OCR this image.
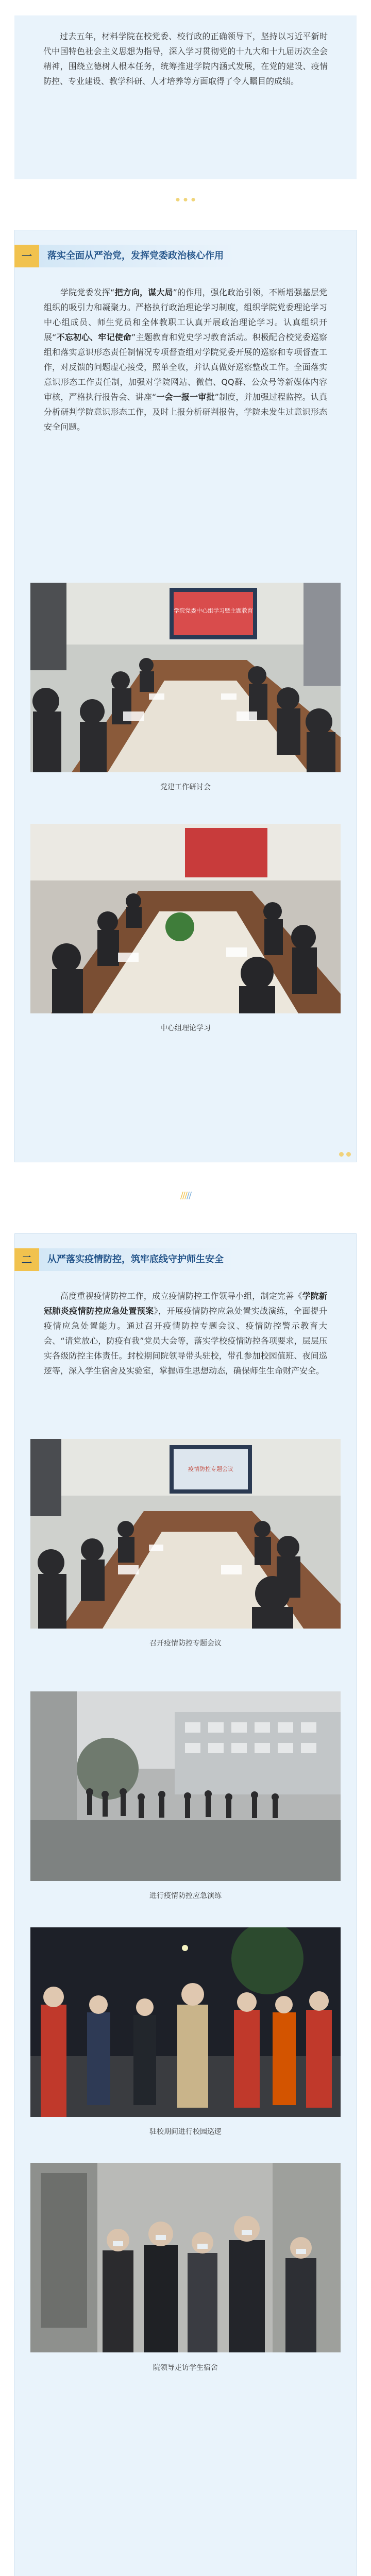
过去五年，材料学院在校党委、校行政的正确领导下，坚持以习近平新时代中国特色社会主义思想为指导，深入学习贯彻党的十九大和十九届历次全会精神，围绕立德树人根本任务，统筹推进学院内涵式发展，在党的建设、疫情防控、专业建设、教学科研、人才培养等方面取得了令人瞩目的成绩。

一	落实全面从严治党，发挥党委政治核心作用

学院党委发挥“把方向，谋大局”的作用，强化政治引领，不断增强基层党组织的吸引力和凝聚力。严格执行政治理论学习制度，组织学院党委理论学习中心组成员、师生党员和全体教职工认真开展政治理论学习。认真组织开展“不忘初心、牢记使命”主题教育和党史学习教育活动。积极配合校党委巡察组和落实意识形态责任制情况专项督查组对学院党委开展的巡察和专项督查工作，对反馈的问题虚心接受，照单全收，并认真做好巡察整改工作。全面落实意识形态工作责任制，加强对学院网站、微信、QQ群、公众号等新媒体内容审核，严格执行报告会、讲座“一会一报一审批”制度，并加强过程监控。认真分析研判学院意识形态工作，及时上报分析研判报告，学院未发生过意识形态安全问题。

学院党委中心组学习暨主题教育
党建工作研讨会
中心组理论学习
/////
二	从严落实疫情防控，筑牢底线守护师生安全

高度重视疫情防控工作，成立疫情防控工作领导小组，制定完善《学院新冠肺炎疫情防控应急处置预案》，开展疫情防控应急处置实战演练，全面提升疫情应急处置能力。通过召开疫情防控专题会议、疫情防控警示教育大会、“请党放心，防疫有我”党员大会等，落实学校疫情防控各项要求，层层压实各级防控主体责任。封校期间院领导带头驻校，带孔参加校园值班、夜间巡逻等，深入学生宿舍及实验室，掌握师生思想动态，确保师生生命财产安全。

疫情防控专题会议
召开疫情防控专题会议
进行疫情防控应急演练
驻校期间进行校园巡逻
院领导走访学生宿舍
